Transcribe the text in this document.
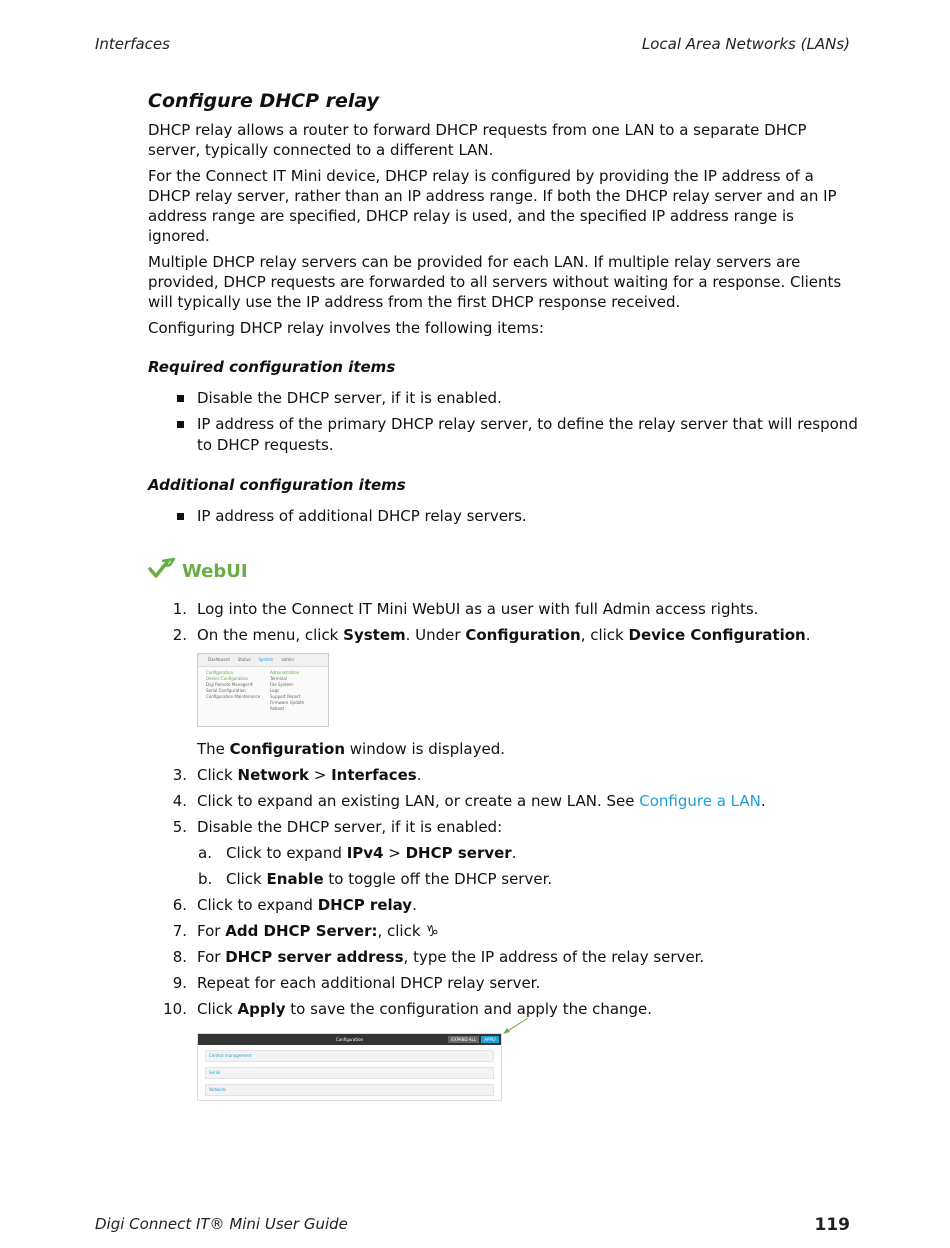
Interfaces	Local Area Networks (LANs)
Configure DHCP relay

DHCP relay allows a router to forward DHCP requests from one LAN to a separate DHCP server, typically connected to a different LAN.

For the Connect IT Mini device, DHCP relay is configured by providing the IP address of a DHCP relay server, rather than an IP address range. If both the DHCP relay server and an IP address range are specified, DHCP relay is used, and the specified IP address range is ignored.

Multiple DHCP relay servers can be provided for each LAN. If multiple relay servers are provided, DHCP requests are forwarded to all servers without waiting for a response. Clients will typically use the IP address from the first DHCP response received.

Configuring DHCP relay involves the following items:

Required configuration items
Disable the DHCP server, if it is enabled.
IP address of the primary DHCP relay server, to define the relay server that will respond to DHCP requests.
Additional configuration items
IP address of additional DHCP relay servers.
WebUI
1. Log into the Connect IT Mini WebUI as a user with full Admin access rights.
2. On the menu, click System. Under Configuration, click Device Configuration.
Dashboard Status System admin
Configuration
Device Configuration
Digi Remote Manager®
Serial Configuration
Configuration Maintenance
Administration
Terminal
File System
Logs
Support Report
Firmware Update
Reboot
The Configuration window is displayed.
3. Click Network > Interfaces.
4. Click to expand an existing LAN, or create a new LAN. See Configure a LAN.
5. Disable the DHCP server, if it is enabled:
a. Click to expand IPv4 > DHCP server.
b. Click Enable to toggle off the DHCP server.
6. Click to expand DHCP relay.
7. For Add DHCP Server:, click ♑
8. For DHCP server address, type the IP address of the relay server.
9. Repeat for each additional DHCP relay server.
10. Click Apply to save the configuration and apply the change.
Configuration	EXPAND ALL	APPLY
Central management
Serial
Network
Digi Connect IT® Mini User Guide	119
